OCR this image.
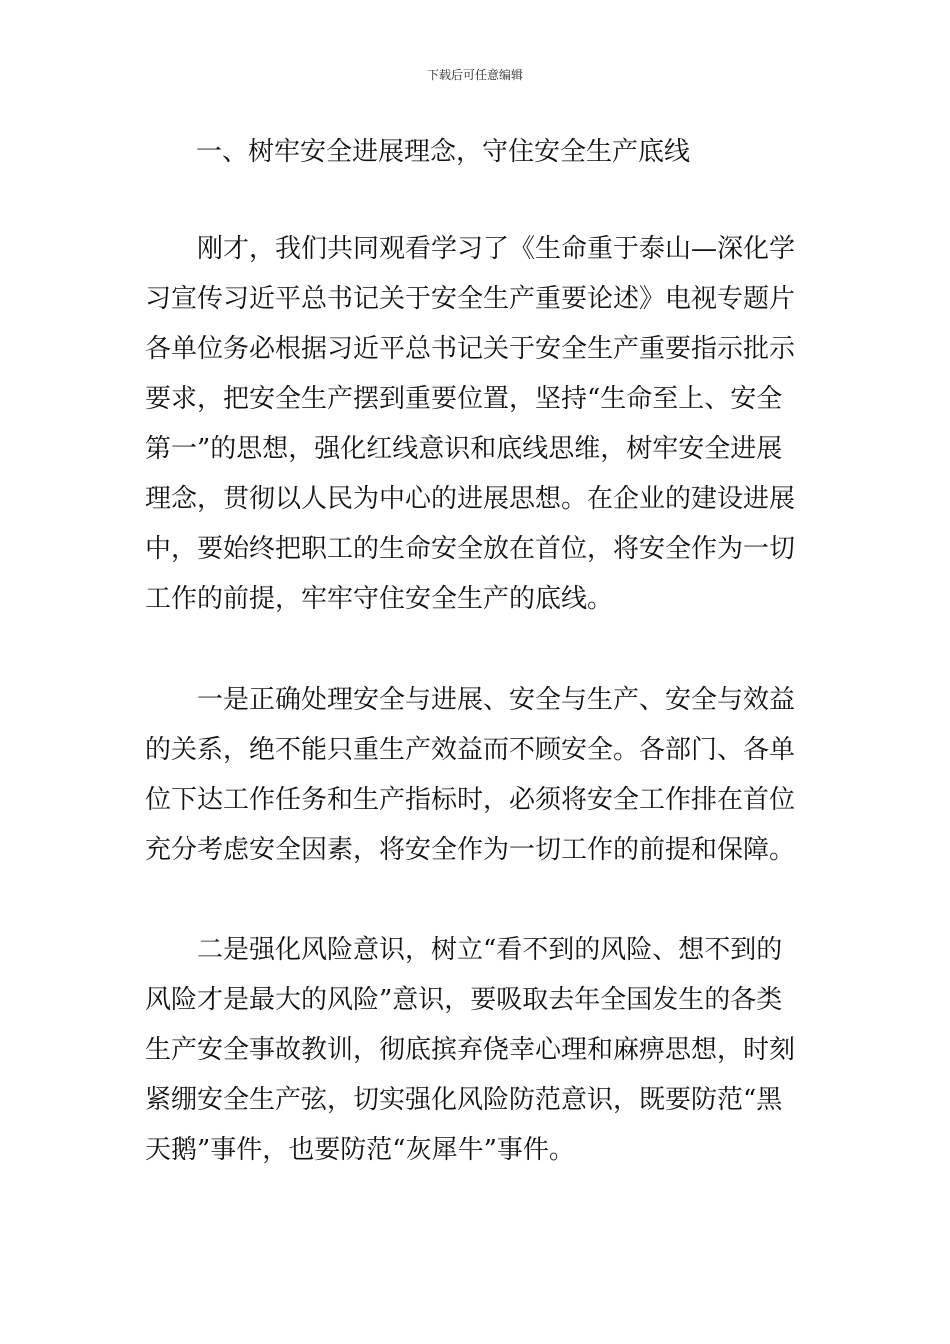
下载后可任意编辑
一、树牢安全进展理念，守住安全生产底线
刚才，我们共同观看学习了《生命重于泰山—深化学
习宣传习近平总书记关于安全生产重要论述》电视专题片
各单位务必根据习近平总书记关于安全生产重要指示批示
要求，把安全生产摆到重要位置，坚持“生命至上、安全
第一”的思想，强化红线意识和底线思维，树牢安全进展
理念，贯彻以人民为中心的进展思想。在企业的建设进展
中，要始终把职工的生命安全放在首位，将安全作为一切
工作的前提，牢牢守住安全生产的底线。
一是正确处理安全与进展、安全与生产、安全与效益
的关系，绝不能只重生产效益而不顾安全。各部门、各单
位下达工作任务和生产指标时，必须将安全工作排在首位
充分考虑安全因素，将安全作为一切工作的前提和保障。
二是强化风险意识，树立“看不到的风险、想不到的
风险才是最大的风险”意识，要吸取去年全国发生的各类
生产安全事故教训，彻底摈弃侥幸心理和麻痹思想，时刻
紧绷安全生产弦，切实强化风险防范意识，既要防范“黑
天鹅”事件，也要防范“灰犀牛”事件。
